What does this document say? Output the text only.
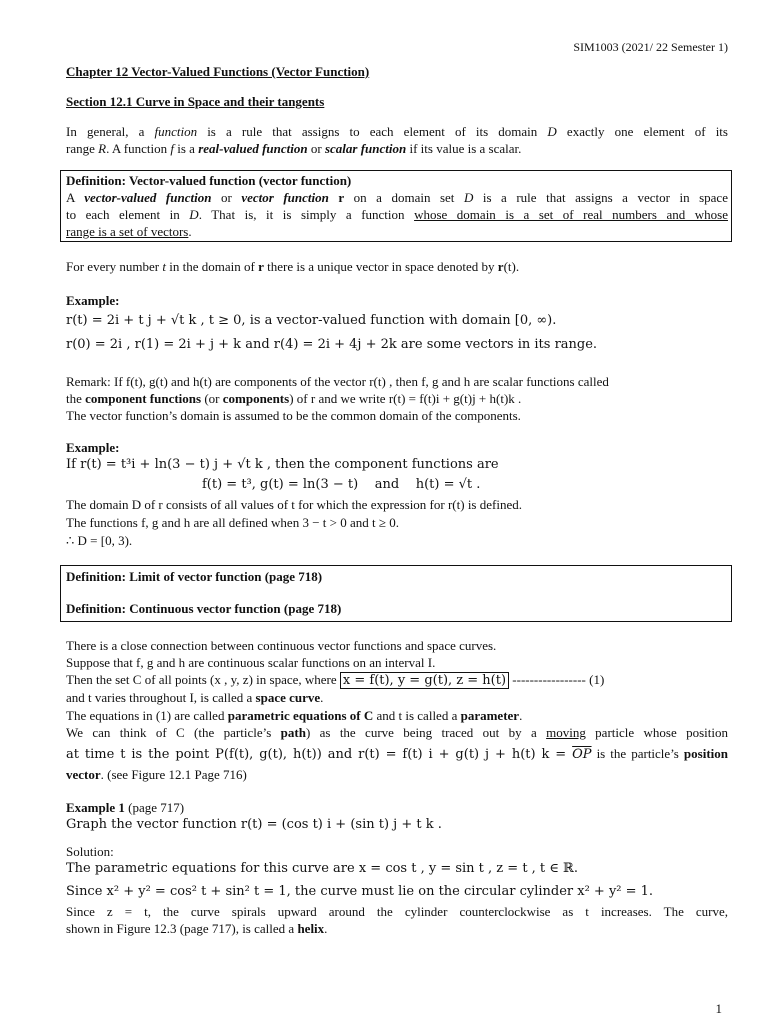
SIM1003 (2021/ 22 Semester 1)
Chapter 12 Vector-Valued Functions (Vector Function)
Section 12.1 Curve in Space and their tangents
In general, a function is a rule that assigns to each element of its domain D exactly one element of its
range R. A function f is a real-valued function or scalar function if its value is a scalar.
Definition: Vector-valued function (vector function)
A vector-valued function or vector function r on a domain set D is a rule that assigns a vector in space
to each element in D. That is, it is simply a function whose domain is a set of real numbers and whose
range is a set of vectors.
For every number t in the domain of r there is a unique vector in space denoted by r(t).
Example:
r(t) = 2i + t j + √t k , t ≥ 0, is a vector-valued function with domain [0, ∞).
r(0) = 2i , r(1) = 2i + j + k and r(4) = 2i + 4j + 2k are some vectors in its range.
Remark: If f(t), g(t) and h(t) are components of the vector r(t) , then f, g and h are scalar functions called
the component functions (or components) of r and we write r(t) = f(t)i + g(t)j + h(t)k .
The vector function’s domain is assumed to be the common domain of the components.
Example:
If r(t) = t³i + ln(3 − t) j + √t k , then the component functions are
f(t) = t³, g(t) = ln(3 − t) and h(t) = √t .
The domain D of r consists of all values of t for which the expression for r(t) is defined.
The functions f, g and h are all defined when 3 − t > 0 and t ≥ 0.
∴ D = [0, 3).
Definition: Limit of vector function (page 718)
Definition: Continuous vector function (page 718)
There is a close connection between continuous vector functions and space curves.
Suppose that f, g and h are continuous scalar functions on an interval I.
Then the set C of all points (x , y, z) in space, where x = f(t), y = g(t), z = h(t) ----------------- (1)
and t varies throughout I, is called a space curve.
The equations in (1) are called parametric equations of C and t is called a parameter.
We can think of C (the particle’s path) as the curve being traced out by a moving particle whose position
at time t is the point P(f(t), g(t), h(t)) and r(t) = f(t) i + g(t) j + h(t) $k = \overline{OP}$ is the particle’s position
vector. (see Figure 12.1 Page 716)
Example 1 (page 717)
Graph the vector function r(t) = (cos t) i + (sin t) j + t k .
Solution:
The parametric equations for this curve are x = cos t , y = sin t , z = t , t ∈ ℝ.
Since x² + y² = cos² t + sin² t = 1, the curve must lie on the circular cylinder x² + y² = 1.
Since z = t, the curve spirals upward around the cylinder counterclockwise as t increases. The curve,
shown in Figure 12.3 (page 717), is called a helix.
1
